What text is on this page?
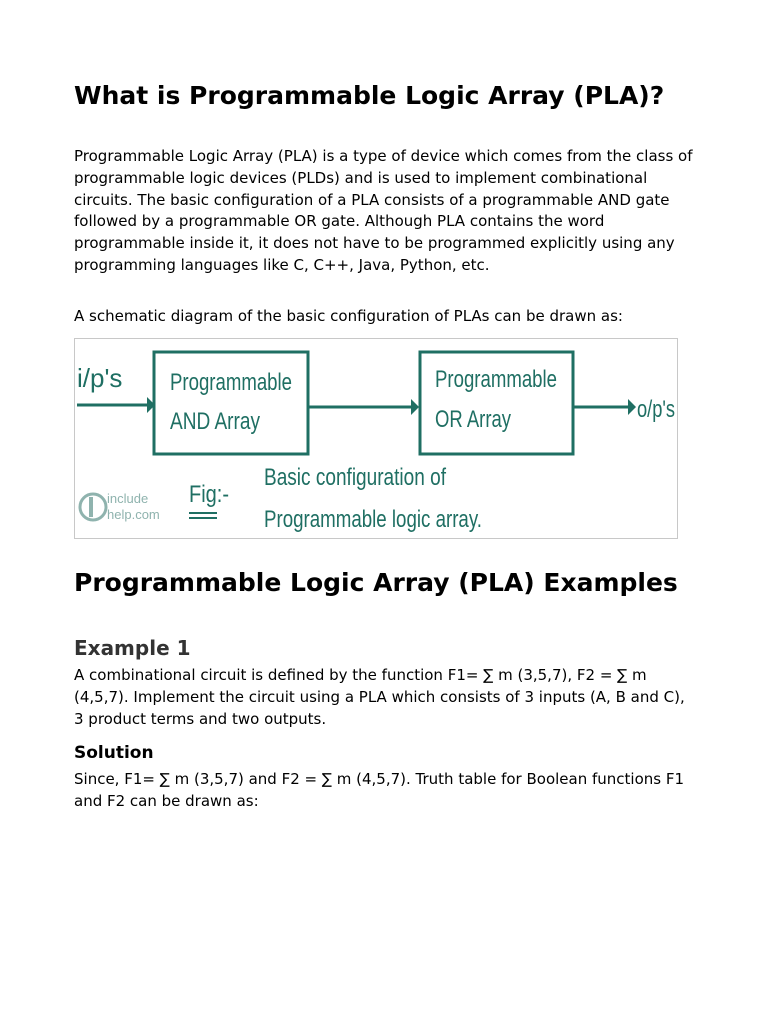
What is Programmable Logic Array (PLA)?

Programmable Logic Array (PLA) is a type of device which comes from the class of programmable logic devices (PLDs) and is used to implement combinational circuits. The basic configuration of a PLA consists of a programmable AND gate followed by a programmable OR gate. Although PLA contains the word programmable inside it, it does not have to be programmed explicitly using any programming languages like C, C++, Java, Python, etc.

A schematic diagram of the basic configuration of PLAs can be drawn as:

i/p's Programmable
AND Array
Programmable
OR Array	o/p's
include
help.com
Fig:-
Basic configuration of
Programmable logic array.
Programmable Logic Array (PLA) Examples
Example 1

A combinational circuit is defined by the function F1= ∑ m (3,5,7), F2 = ∑ m (4,5,7). Implement the circuit using a PLA which consists of 3 inputs (A, B and C), 3 product terms and two outputs.

Solution

Since, F1= ∑ m (3,5,7) and F2 = ∑ m (4,5,7). Truth table for Boolean functions F1 and F2 can be drawn as:
